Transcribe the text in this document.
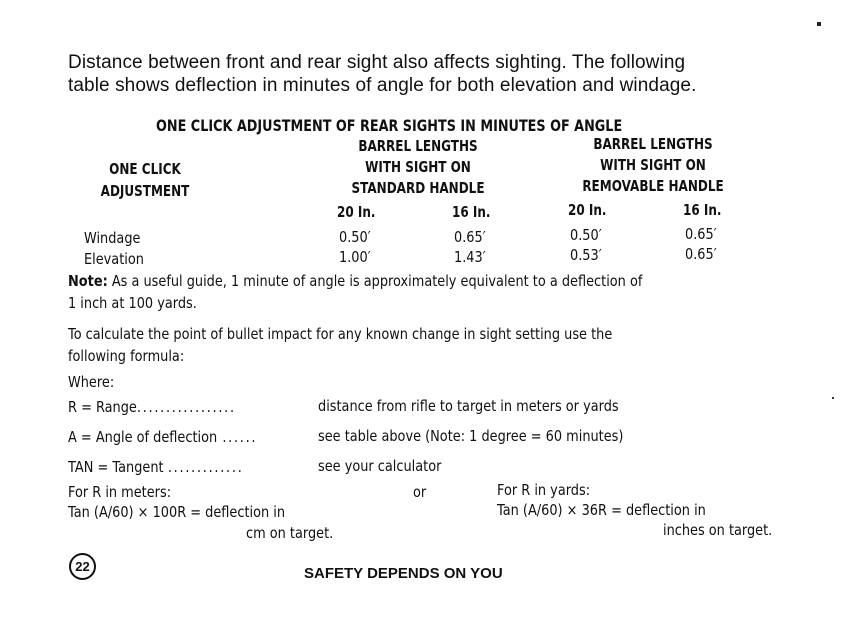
Distance between front and rear sight also affects sighting. The following
table shows deflection in minutes of angle for both elevation and windage.
ONE CLICK ADJUSTMENT OF REAR SIGHTS IN MINUTES OF ANGLE
ONE CLICK
ADJUSTMENT
BARREL LENGTHS
WITH SIGHT ON
STANDARD HANDLE
BARREL LENGTHS
WITH SIGHT ON
REMOVABLE HANDLE
20 In.	16 In.	20 In.	16 In.
Windage	0.50′	0.65′	0.50′	0.65′
Elevation	1.00′	1.43′	0.53′	0.65′
Note: As a useful guide, 1 minute of angle is approximately equivalent to a deflection of
1 inch at 100 yards.
To calculate the point of bullet impact for any known change in sight setting use the
following formula:
Where:
R = Range.................	distance from rifle to target in meters or yards
A = Angle of deflection ......	see table above (Note: 1 degree = 60 minutes)
TAN = Tangent .............	see your calculator
For R in meters:
Tan (A/60) × 100R = deflection in
cm on target.
or	For R in yards:
Tan (A/60) × 36R = deflection in
inches on target.
22	SAFETY DEPENDS ON YOU
